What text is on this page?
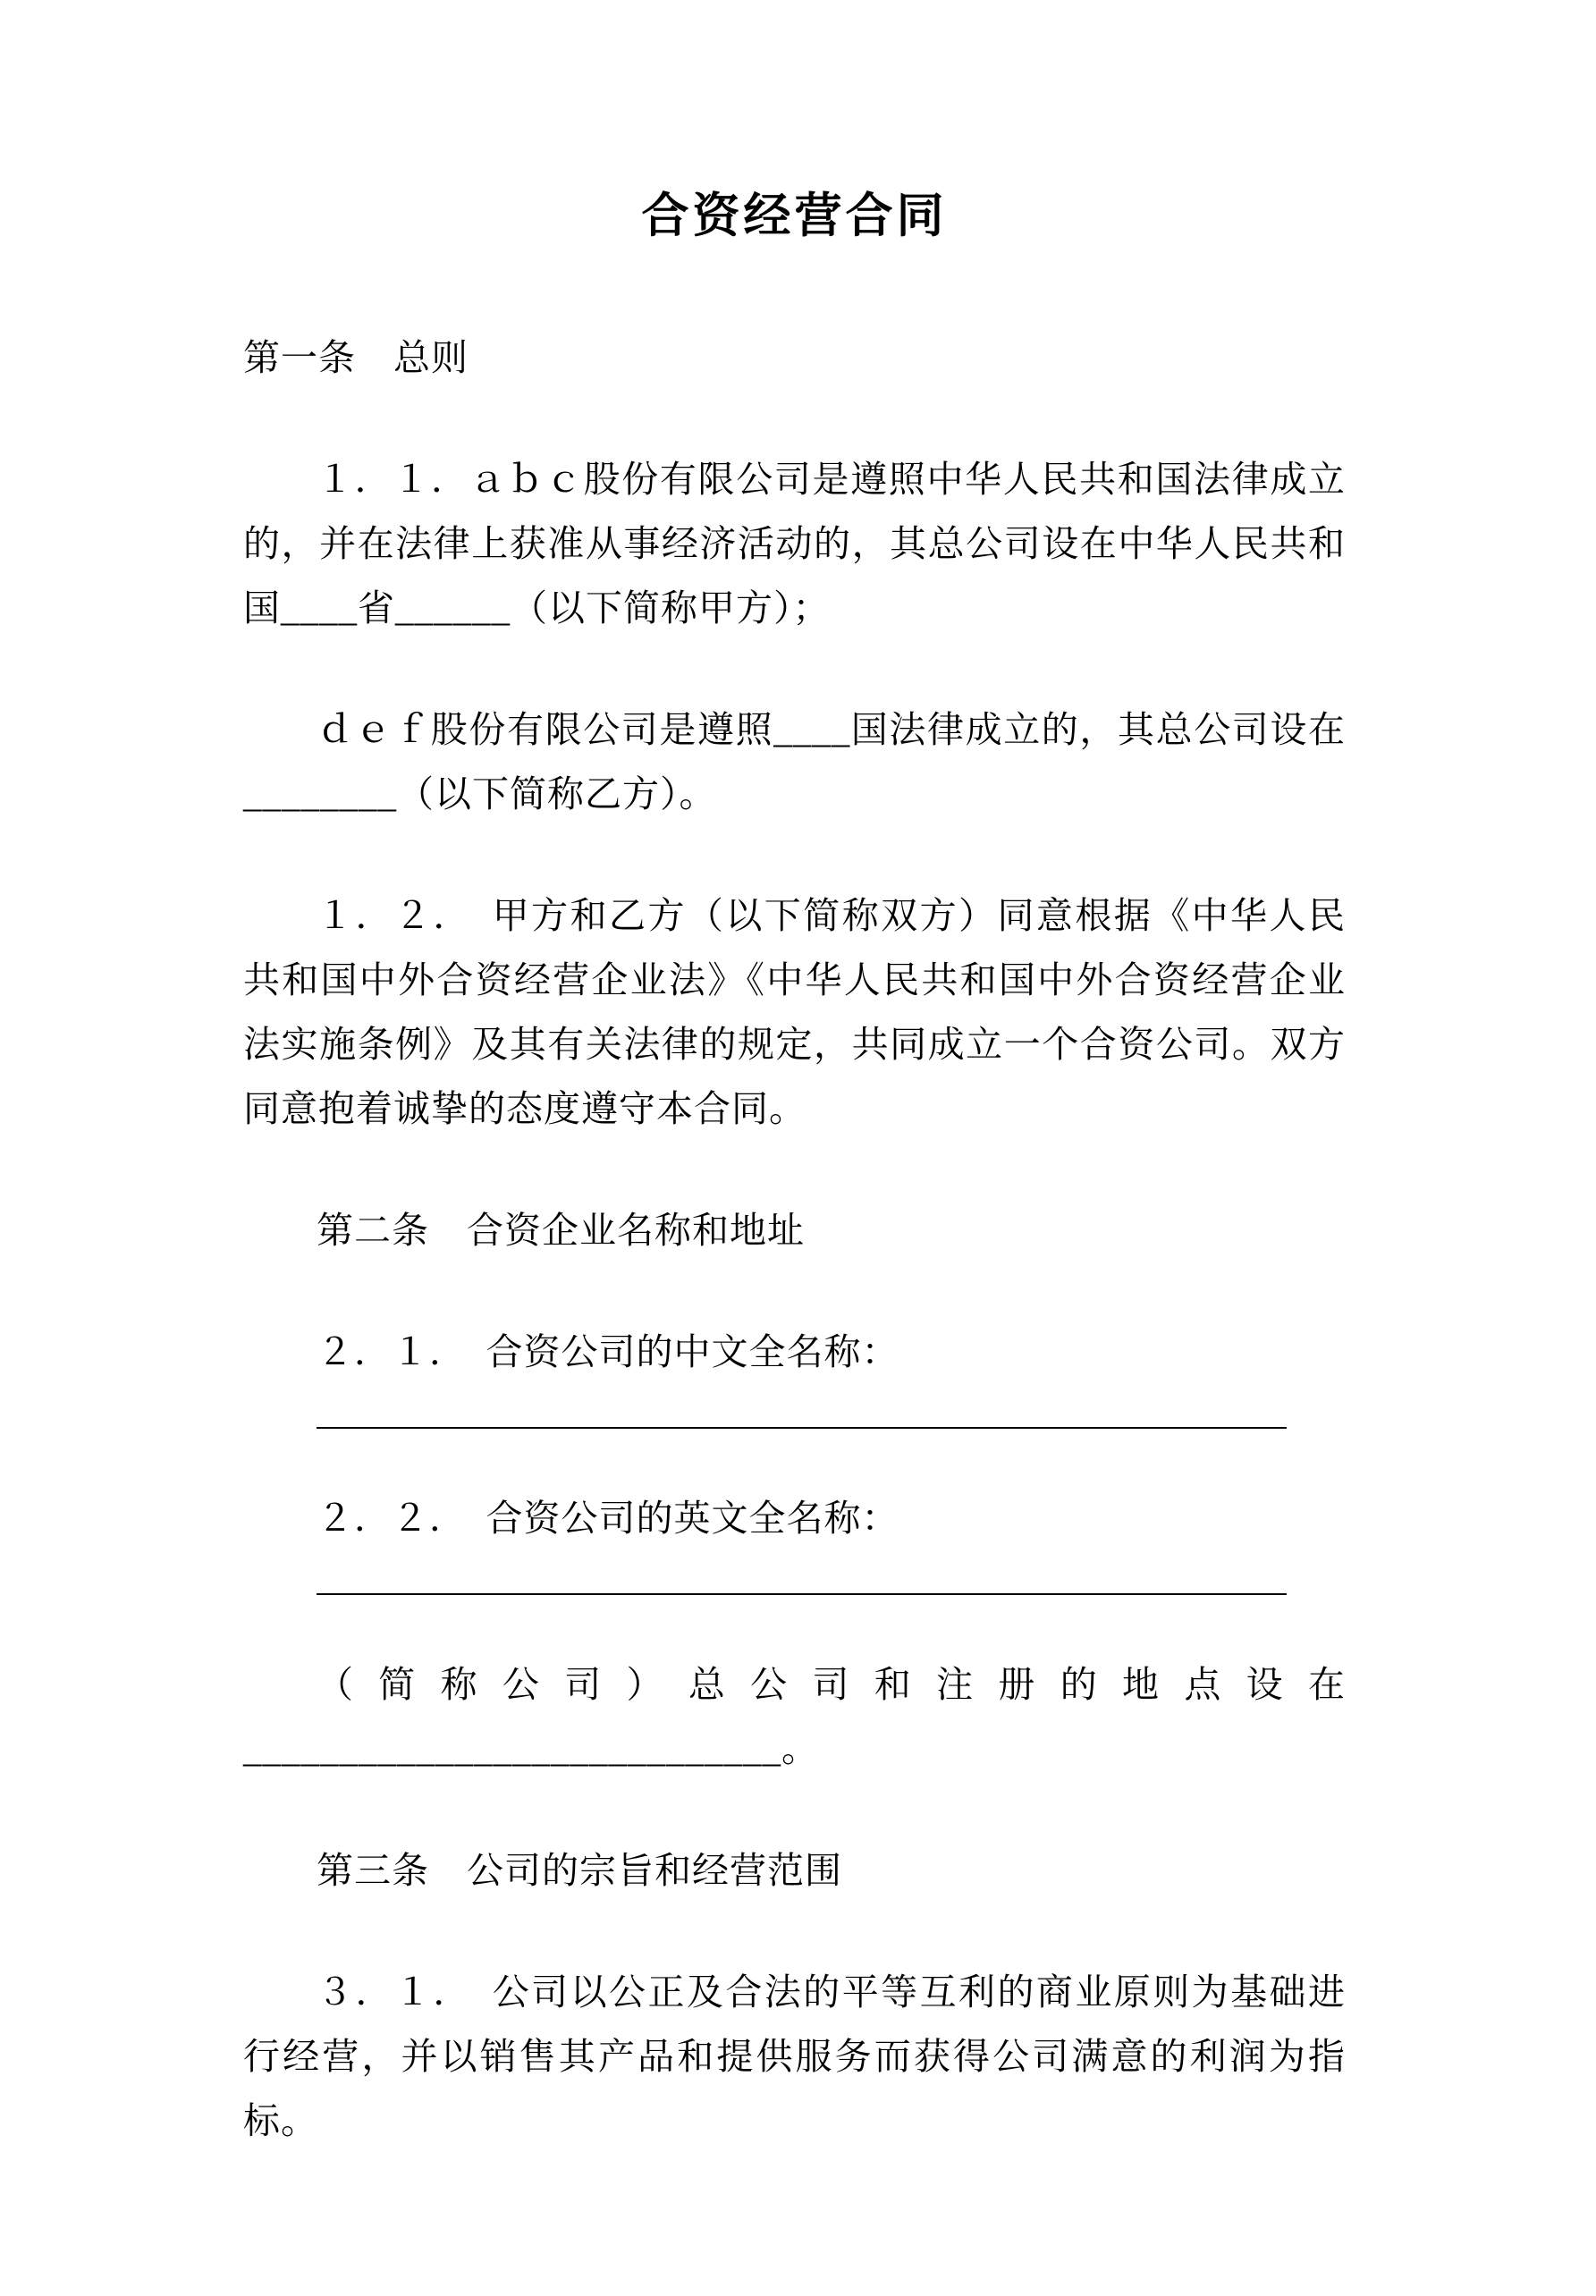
合资经营合同

第一条　总则

１．１．ａｂｃ股份有限公司是遵照中华人民共和国法律成立的，并在法律上获准从事经济活动的，其总公司设在中华人民共和国____省______（以下简称甲方）；

ｄｅｆ股份有限公司是遵照____国法律成立的，其总公司设在________（以下简称乙方）。

１．２．　甲方和乙方（以下简称双方）同意根据《中华人民共和国中外合资经营企业法》《中华人民共和国中外合资经营企业法实施条例》及其有关法律的规定，共同成立一个合资公司。双方同意抱着诚挚的态度遵守本合同。

第二条　合资企业名称和地址

２．１．　合资公司的中文全名称：

２．２．　合资公司的英文全名称：

（简称公司）总公司和注册的地点设在____________________________。

第三条　公司的宗旨和经营范围

３．１．　公司以公正及合法的平等互利的商业原则为基础进行经营，并以销售其产品和提供服务而获得公司满意的利润为指标。
